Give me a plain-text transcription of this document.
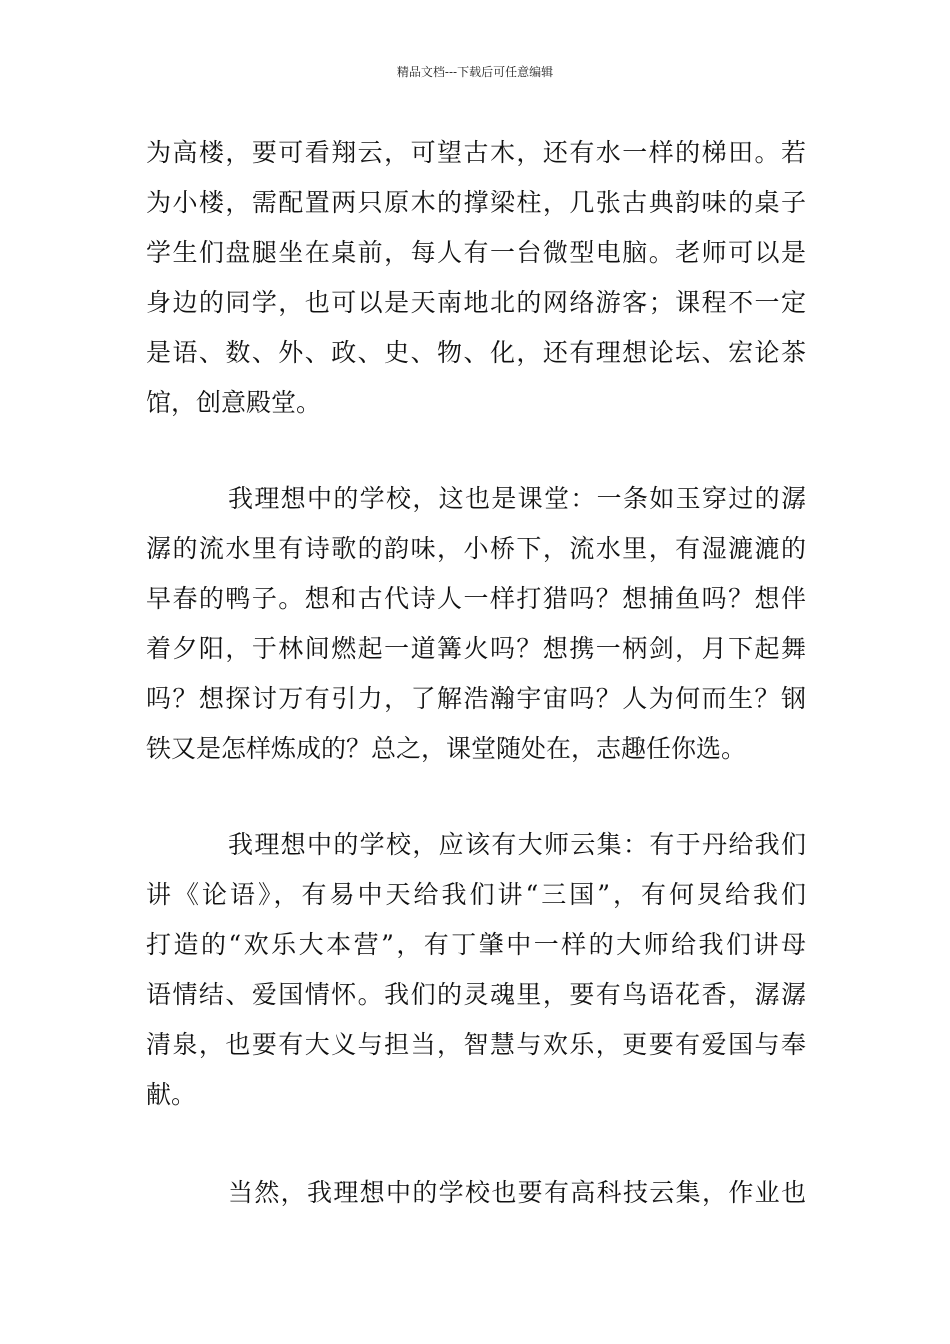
精品文档---下载后可任意编辑
为高楼，要可看翔云，可望古木，还有水一样的梯田。若
为小楼，需配置两只原木的撑梁柱，几张古典韵味的桌子
学生们盘腿坐在桌前，每人有一台微型电脑。老师可以是
身边的同学，也可以是天南地北的网络游客；课程不一定
是语、数、外、政、史、物、化，还有理想论坛、宏论茶
馆，创意殿堂。
我理想中的学校，这也是课堂：一条如玉穿过的潺
潺的流水里有诗歌的韵味，小桥下，流水里，有湿漉漉的
早春的鸭子。想和古代诗人一样打猎吗？想捕鱼吗？想伴
着夕阳，于林间燃起一道篝火吗？想携一柄剑，月下起舞
吗？想探讨万有引力，了解浩瀚宇宙吗？人为何而生？钢
铁又是怎样炼成的？总之，课堂随处在，志趣任你选。
我理想中的学校，应该有大师云集：有于丹给我们
讲《论语》，有易中天给我们讲“三国”，有何炅给我们
打造的“欢乐大本营”，有丁肇中一样的大师给我们讲母
语情结、爱国情怀。我们的灵魂里，要有鸟语花香，潺潺
清泉，也要有大义与担当，智慧与欢乐，更要有爱国与奉
献。
当然，我理想中的学校也要有高科技云集，作业也
